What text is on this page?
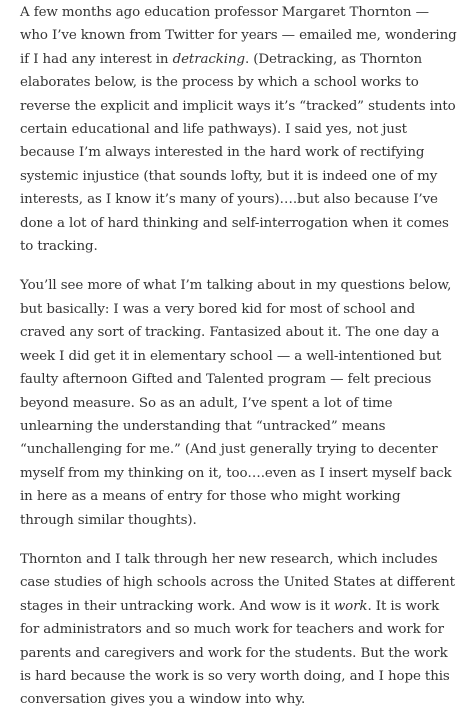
A few months ago education professor Margaret Thornton — who I’ve known from Twitter for years — emailed me, wondering if I had any interest in detracking. (Detracking, as Thornton elaborates below, is the process by which a school works to reverse the explicit and implicit ways it’s “tracked” students into certain educational and life pathways). I said yes, not just because I’m always interested in the hard work of rectifying systemic injustice (that sounds lofty, but it is indeed one of my interests, as I know it’s many of yours)….but also because I’ve done a lot of hard thinking and self-interrogation when it comes to tracking.

You’ll see more of what I’m talking about in my questions below, but basically: I was a very bored kid for most of school and craved any sort of tracking. Fantasized about it. The one day a week I did get it in elementary school — a well-intentioned but faulty afternoon Gifted and Talented program — felt precious beyond measure. So as an adult, I’ve spent a lot of time unlearning the understanding that “untracked” means “unchallenging for me.” (And just generally trying to decenter myself from my thinking on it, too….even as I insert myself back in here as a means of entry for those who might working through similar thoughts).

Thornton and I talk through her new research, which includes case studies of high schools across the United States at different stages in their untracking work. And wow is it work. It is work for administrators and so much work for teachers and work for parents and caregivers and work for the students. But the work is hard because the work is so very worth doing, and I hope this conversation gives you a window into why.
